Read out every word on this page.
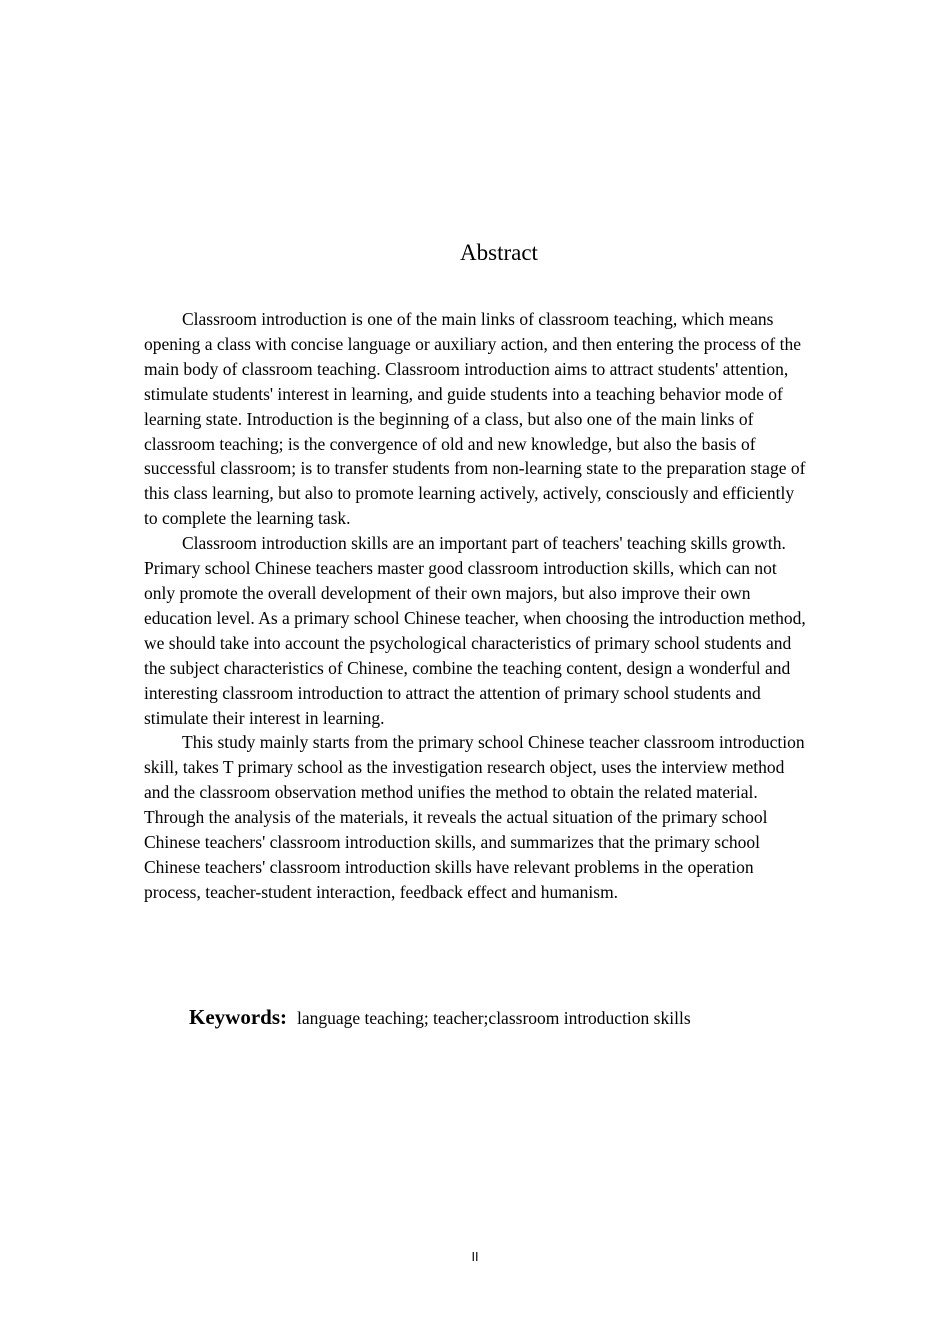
Abstract

Classroom introduction is one of the main links of classroom teaching, which means opening a class with concise language or auxiliary action, and then entering the process of the main body of classroom teaching. Classroom introduction aims to attract students' attention, stimulate students' interest in learning, and guide students into a teaching behavior mode of learning state. Introduction is the beginning of a class, but also one of the main links of classroom teaching; is the convergence of old and new knowledge, but also the basis of successful classroom; is to transfer students from non-learning state to the preparation stage of this class learning, but also to promote learning actively, actively, consciously and efficiently to complete the learning task.

Classroom introduction skills are an important part of teachers' teaching skills growth. Primary school Chinese teachers master good classroom introduction skills, which can not only promote the overall development of their own majors, but also improve their own education level. As a primary school Chinese teacher, when choosing the introduction method, we should take into account the psychological characteristics of primary school students and the subject characteristics of Chinese, combine the teaching content, design a wonderful and interesting classroom introduction to attract the attention of primary school students and stimulate their interest in learning.

This study mainly starts from the primary school Chinese teacher classroom introduction skill, takes T primary school as the investigation research object, uses the interview method and the classroom observation method unifies the method to obtain the related material. Through the analysis of the materials, it reveals the actual situation of the primary school Chinese teachers' classroom introduction skills, and summarizes that the primary school Chinese teachers' classroom introduction skills have relevant problems in the operation process, teacher-student interaction, feedback effect and humanism.

Keywords: language teaching; teacher;classroom introduction skills
II
